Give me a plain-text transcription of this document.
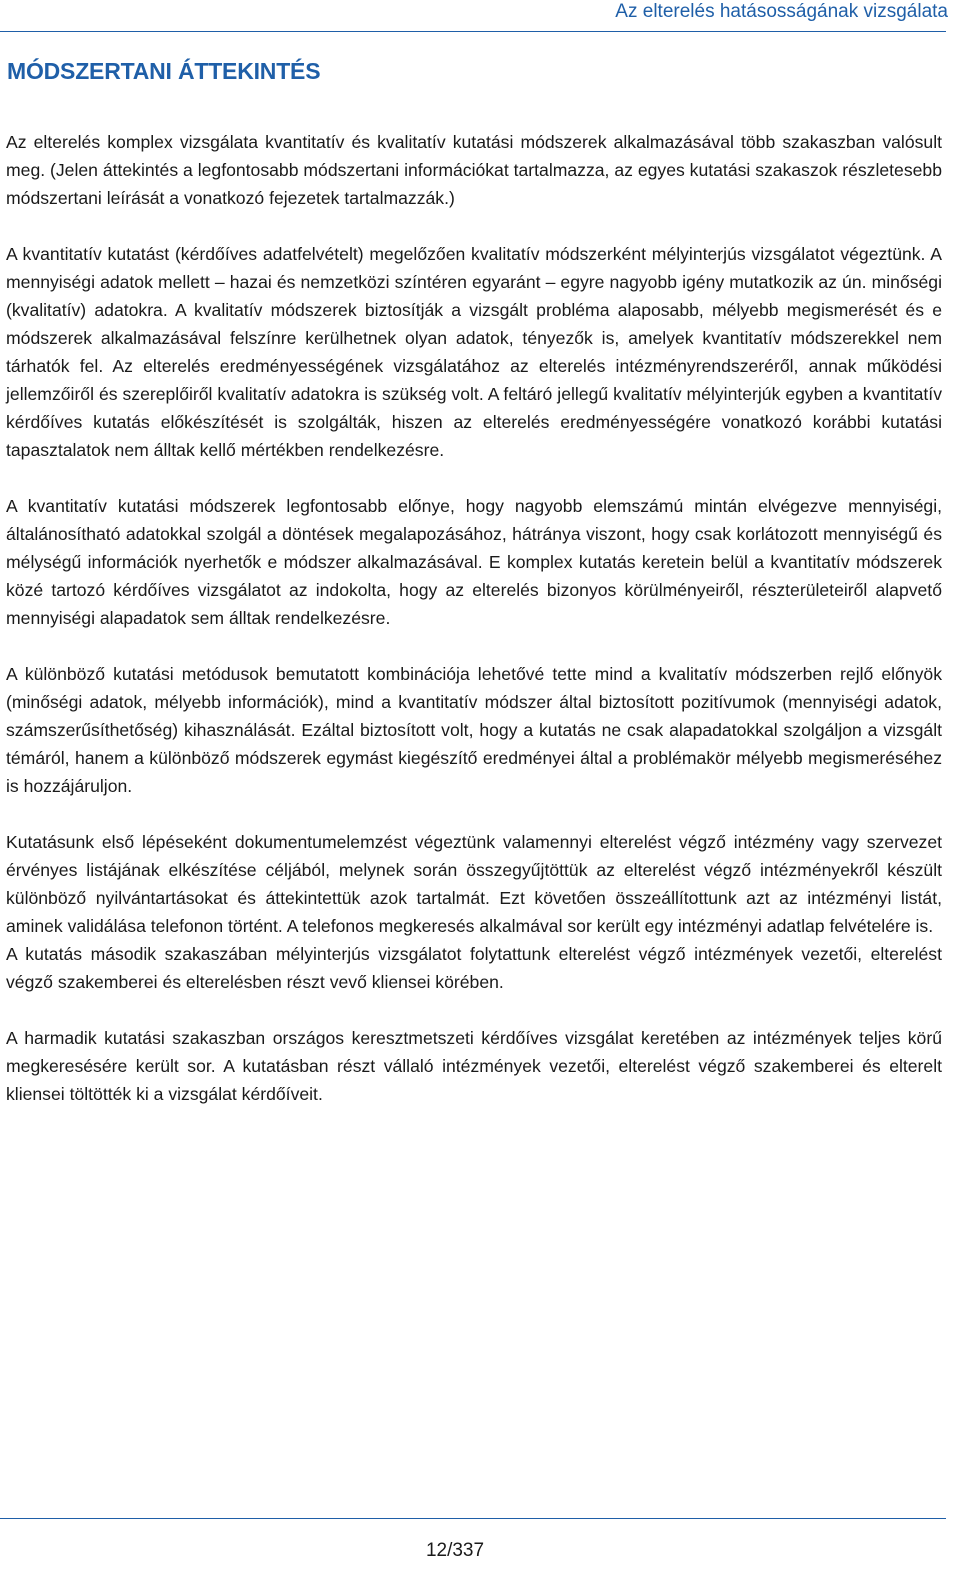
Az elterelés hatásosságának vizsgálata
MÓDSZERTANI ÁTTEKINTÉS

Az elterelés komplex vizsgálata kvantitatív és kvalitatív kutatási módszerek alkalmazásával több szakaszban valósult meg. (Jelen áttekintés a legfontosabb módszertani információkat tartalmazza, az egyes kutatási szakaszok részletesebb módszertani leírását a vonatkozó fejezetek tartalmazzák.)

A kvantitatív kutatást (kérdőíves adatfelvételt) megelőzően kvalitatív módszerként mélyinterjús vizsgálatot végeztünk. A mennyiségi adatok mellett – hazai és nemzetközi színtéren egyaránt – egyre nagyobb igény mutatkozik az ún. minőségi (kvalitatív) adatokra. A kvalitatív módszerek biztosítják a vizsgált probléma alaposabb, mélyebb megismerését és e módszerek alkalmazásával felszínre kerülhetnek olyan adatok, tényezők is, amelyek kvantitatív módszerekkel nem tárhatók fel. Az elterelés eredményességének vizsgálatához az elterelés intézményrendszeréről, annak működési jellemzőiről és szereplőiről kvalitatív adatokra is szükség volt. A feltáró jellegű kvalitatív mélyinterjúk egyben a kvantitatív kérdőíves kutatás előkészítését is szolgálták, hiszen az elterelés eredményességére vonatkozó korábbi kutatási tapasztalatok nem álltak kellő mértékben rendelkezésre.

A kvantitatív kutatási módszerek legfontosabb előnye, hogy nagyobb elemszámú mintán elvégezve mennyiségi, általánosítható adatokkal szolgál a döntések megalapozásához, hátránya viszont, hogy csak korlátozott mennyiségű és mélységű információk nyerhetők e módszer alkalmazásával. E komplex kutatás keretein belül a kvantitatív módszerek közé tartozó kérdőíves vizsgálatot az indokolta, hogy az elterelés bizonyos körülményeiről, részterületeiről alapvető mennyiségi alapadatok sem álltak rendelkezésre.

A különböző kutatási metódusok bemutatott kombinációja lehetővé tette mind a kvalitatív módszerben rejlő előnyök (minőségi adatok, mélyebb információk), mind a kvantitatív módszer által biztosított pozitívumok (mennyiségi adatok, számszerűsíthetőség) kihasználását. Ezáltal biztosított volt, hogy a kutatás ne csak alapadatokkal szolgáljon a vizsgált témáról, hanem a különböző módszerek egymást kiegészítő eredményei által a problémakör mélyebb megismeréséhez is hozzájáruljon.

Kutatásunk első lépéseként dokumentumelemzést végeztünk valamennyi elterelést végző intézmény vagy szervezet érvényes listájának elkészítése céljából, melynek során összegyűjtöttük az elterelést végző intézményekről készült különböző nyilvántartásokat és áttekintettük azok tartalmát. Ezt követően összeállítottunk azt az intézményi listát, aminek validálása telefonon történt. A telefonos megkeresés alkalmával sor került egy intézményi adatlap felvételére is.

A kutatás második szakaszában mélyinterjús vizsgálatot folytattunk elterelést végző intézmények vezetői, elterelést végző szakemberei és elterelésben részt vevő kliensei körében.

A harmadik kutatási szakaszban országos keresztmetszeti kérdőíves vizsgálat keretében az intézmények teljes körű megkeresésére került sor. A kutatásban részt vállaló intézmények vezetői, elterelést végző szakemberei és elterelt kliensei töltötték ki a vizsgálat kérdőíveit.

12/337
